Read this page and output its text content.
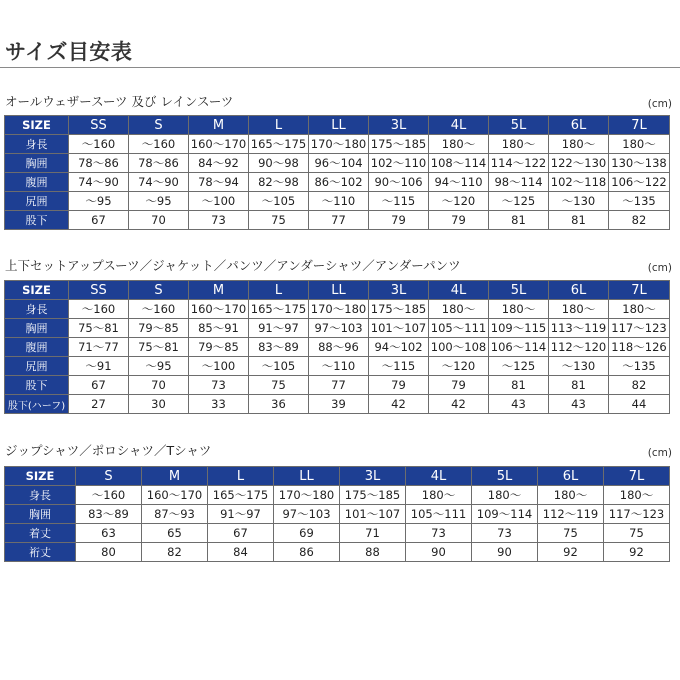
サイズ目安表
オールウェザースーツ 及び レインスーツ	(cm)
SIZE	SS	S	M	L	LL	3L	4L	5L	6L	7L
身長	～160	～160	160～170	165～175	170～180	175～185	180～	180～	180～	180～
胸囲	78～86	78～86	84～92	90～98	96～104	102～110	108～114	114～122	122～130	130～138
腹囲	74～90	74～90	78～94	82～98	86～102	90～106	94～110	98～114	102～118	106～122
尻囲	～95	～95	～100	～105	～110	～115	～120	～125	～130	～135
股下	67	70	73	75	77	79	79	81	81	82
上下セットアップスーツ／ジャケット／パンツ／アンダーシャツ／アンダーパンツ	(cm)
SIZE	SS	S	M	L	LL	3L	4L	5L	6L	7L
身長	～160	～160	160～170	165～175	170～180	175～185	180～	180～	180～	180～
胸囲	75～81	79～85	85～91	91～97	97～103	101～107	105～111	109～115	113～119	117～123
腹囲	71～77	75～81	79～85	83～89	88～96	94～102	100～108	106～114	112～120	118～126
尻囲	～91	～95	～100	～105	～110	～115	～120	～125	～130	～135
股下	67	70	73	75	77	79	79	81	81	82
股下(ハーフ)	27	30	33	36	39	42	42	43	43	44
ジップシャツ／ポロシャツ／Tシャツ	(cm)
SIZE	S	M	L	LL	3L	4L	5L	6L	7L
身長	～160	160～170	165～175	170～180	175～185	180～	180～	180～	180～
胸囲	83～89	87～93	91～97	97～103	101～107	105～111	109～114	112～119	117～123
着丈	63	65	67	69	71	73	73	75	75
裄丈	80	82	84	86	88	90	90	92	92
